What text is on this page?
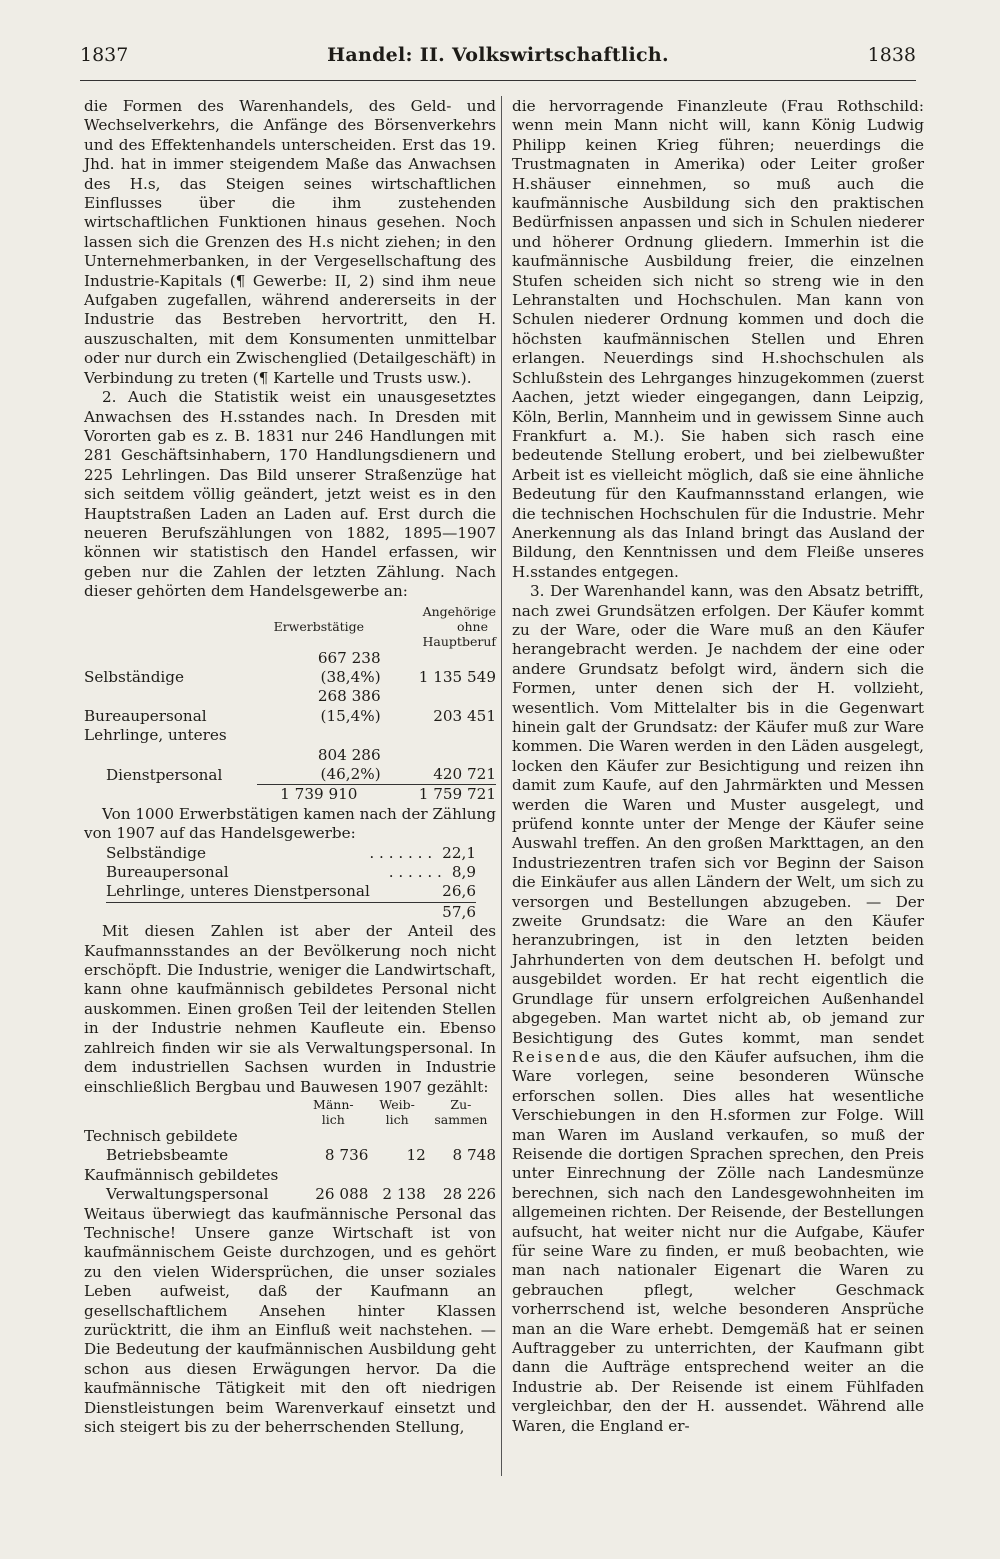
1837	Handel: II. Volkswirtschaftlich.	1838

die Formen des Warenhandels, des Geld- und Wechselverkehrs, die Anfänge des Börsenverkehrs und des Effektenhandels unterscheiden. Erst das 19. Jhd. hat in immer steigendem Maße das Anwachsen des H.s, das Steigen seines wirtschaftlichen Einflusses über die ihm zustehenden wirtschaftlichen Funktionen hinaus gesehen. Noch lassen sich die Grenzen des H.s nicht ziehen; in den Unternehmerbanken, in der Vergesellschaftung des Industrie-Kapitals (¶ Gewerbe: II, 2) sind ihm neue Aufgaben zugefallen, während andererseits in der Industrie das Bestreben hervortritt, den H. auszuschalten, mit dem Konsumenten unmittelbar oder nur durch ein Zwischenglied (Detailgeschäft) in Verbindung zu treten (¶ Kartelle und Trusts usw.).

2. Auch die Statistik weist ein unausgesetztes Anwachsen des H.sstandes nach. In Dresden mit Vororten gab es z. B. 1831 nur 246 Handlungen mit 281 Geschäftsinhabern, 170 Handlungsdienern und 225 Lehrlingen. Das Bild unserer Straßenzüge hat sich seitdem völlig geändert, jetzt weist es in den Hauptstraßen Laden an Laden auf. Erst durch die neueren Berufszählungen von 1882, 1895—1907 können wir statistisch den Handel erfassen, wir geben nur die Zahlen der letzten Zählung. Nach dieser gehörten dem Handelsgewerbe an:

		Angehörige
	Erwerbstätige	ohne
		Hauptberuf
Selbständige	667 238 (38,4%)	1 135 549
Bureaupersonal	268 386 (15,4%)	203 451
Lehrlinge, unteres		
Dienstpersonal	804 286 (46,2%)	420 721
	1 739 910	1 759 721

Von 1000 Erwerbstätigen kamen nach der Zählung von 1907 auf das Handelsgewerbe:

Selbständige	. . . . . . . 22,1
Bureaupersonal	. . . . . . 8,9
Lehrlinge, unteres Dienstpersonal	26,6
57,6

Mit diesen Zahlen ist aber der Anteil des Kaufmannsstandes an der Bevölkerung noch nicht erschöpft. Die Industrie, weniger die Landwirtschaft, kann ohne kaufmännisch gebildetes Personal nicht auskommen. Einen großen Teil der leitenden Stellen in der Industrie nehmen Kaufleute ein. Ebenso zahlreich finden wir sie als Verwaltungspersonal. In dem industriellen Sachsen wurden in Industrie einschließlich Bergbau und Bauwesen 1907 gezählt:

	Männ-	Weib-	Zu-
	lich	lich	sammen
Technisch gebildete			
Betriebsbeamte	8 736	12	8 748
Kaufmännisch gebildetes			
Verwaltungspersonal	26 088	2 138	28 226

Weitaus überwiegt das kaufmännische Personal das Technische! Unsere ganze Wirtschaft ist von kaufmännischem Geiste durchzogen, und es gehört zu den vielen Widersprüchen, die unser soziales Leben aufweist, daß der Kaufmann an gesellschaftlichem Ansehen hinter Klassen zurücktritt, die ihm an Einfluß weit nachstehen. — Die Bedeutung der kaufmännischen Ausbildung geht schon aus diesen Erwägungen hervor. Da die kaufmännische Tätigkeit mit den oft niedrigen Dienstleistungen beim Warenverkauf einsetzt und sich steigert bis zu der beherrschenden Stellung,

die hervorragende Finanzleute (Frau Rothschild: wenn mein Mann nicht will, kann König Ludwig Philipp keinen Krieg führen; neuerdings die Trustmagnaten in Amerika) oder Leiter großer H.shäuser einnehmen, so muß auch die kaufmännische Ausbildung sich den praktischen Bedürfnissen anpassen und sich in Schulen niederer und höherer Ordnung gliedern. Immerhin ist die kaufmännische Ausbildung freier, die einzelnen Stufen scheiden sich nicht so streng wie in den Lehranstalten und Hochschulen. Man kann von Schulen niederer Ordnung kommen und doch die höchsten kaufmännischen Stellen und Ehren erlangen. Neuerdings sind H.shochschulen als Schlußstein des Lehrganges hinzugekommen (zuerst Aachen, jetzt wieder eingegangen, dann Leipzig, Köln, Berlin, Mannheim und in gewissem Sinne auch Frankfurt a. M.). Sie haben sich rasch eine bedeutende Stellung erobert, und bei zielbewußter Arbeit ist es vielleicht möglich, daß sie eine ähnliche Bedeutung für den Kaufmannsstand erlangen, wie die technischen Hochschulen für die Industrie. Mehr Anerkennung als das Inland bringt das Ausland der Bildung, den Kenntnissen und dem Fleiße unseres H.sstandes entgegen.

3. Der Warenhandel kann, was den Absatz betrifft, nach zwei Grundsätzen erfolgen. Der Käufer kommt zu der Ware, oder die Ware muß an den Käufer herangebracht werden. Je nachdem der eine oder andere Grundsatz befolgt wird, ändern sich die Formen, unter denen sich der H. vollzieht, wesentlich. Vom Mittelalter bis in die Gegenwart hinein galt der Grundsatz: der Käufer muß zur Ware kommen. Die Waren werden in den Läden ausgelegt, locken den Käufer zur Besichtigung und reizen ihn damit zum Kaufe, auf den Jahrmärkten und Messen werden die Waren und Muster ausgelegt, und prüfend konnte unter der Menge der Käufer seine Auswahl treffen. An den großen Markttagen, an den Industriezentren trafen sich vor Beginn der Saison die Einkäufer aus allen Ländern der Welt, um sich zu versorgen und Bestellungen abzugeben. — Der zweite Grundsatz: die Ware an den Käufer heranzubringen, ist in den letzten beiden Jahrhunderten von dem deutschen H. befolgt und ausgebildet worden. Er hat recht eigentlich die Grundlage für unsern erfolgreichen Außenhandel abgegeben. Man wartet nicht ab, ob jemand zur Besichtigung des Gutes kommt, man sendet Reisende aus, die den Käufer aufsuchen, ihm die Ware vorlegen, seine besonderen Wünsche erforschen sollen. Dies alles hat wesentliche Verschiebungen in den H.sformen zur Folge. Will man Waren im Ausland verkaufen, so muß der Reisende die dortigen Sprachen sprechen, den Preis unter Einrechnung der Zölle nach Landesmünze berechnen, sich nach den Landesgewohnheiten im allgemeinen richten. Der Reisende, der Bestellungen aufsucht, hat weiter nicht nur die Aufgabe, Käufer für seine Ware zu finden, er muß beobachten, wie man nach nationaler Eigenart die Waren zu gebrauchen pflegt, welcher Geschmack vorherrschend ist, welche besonderen Ansprüche man an die Ware erhebt. Demgemäß hat er seinen Auftraggeber zu unterrichten, der Kaufmann gibt dann die Aufträge entsprechend weiter an die Industrie ab. Der Reisende ist einem Fühlfaden vergleichbar, den der H. aussendet. Während alle Waren, die England er-
